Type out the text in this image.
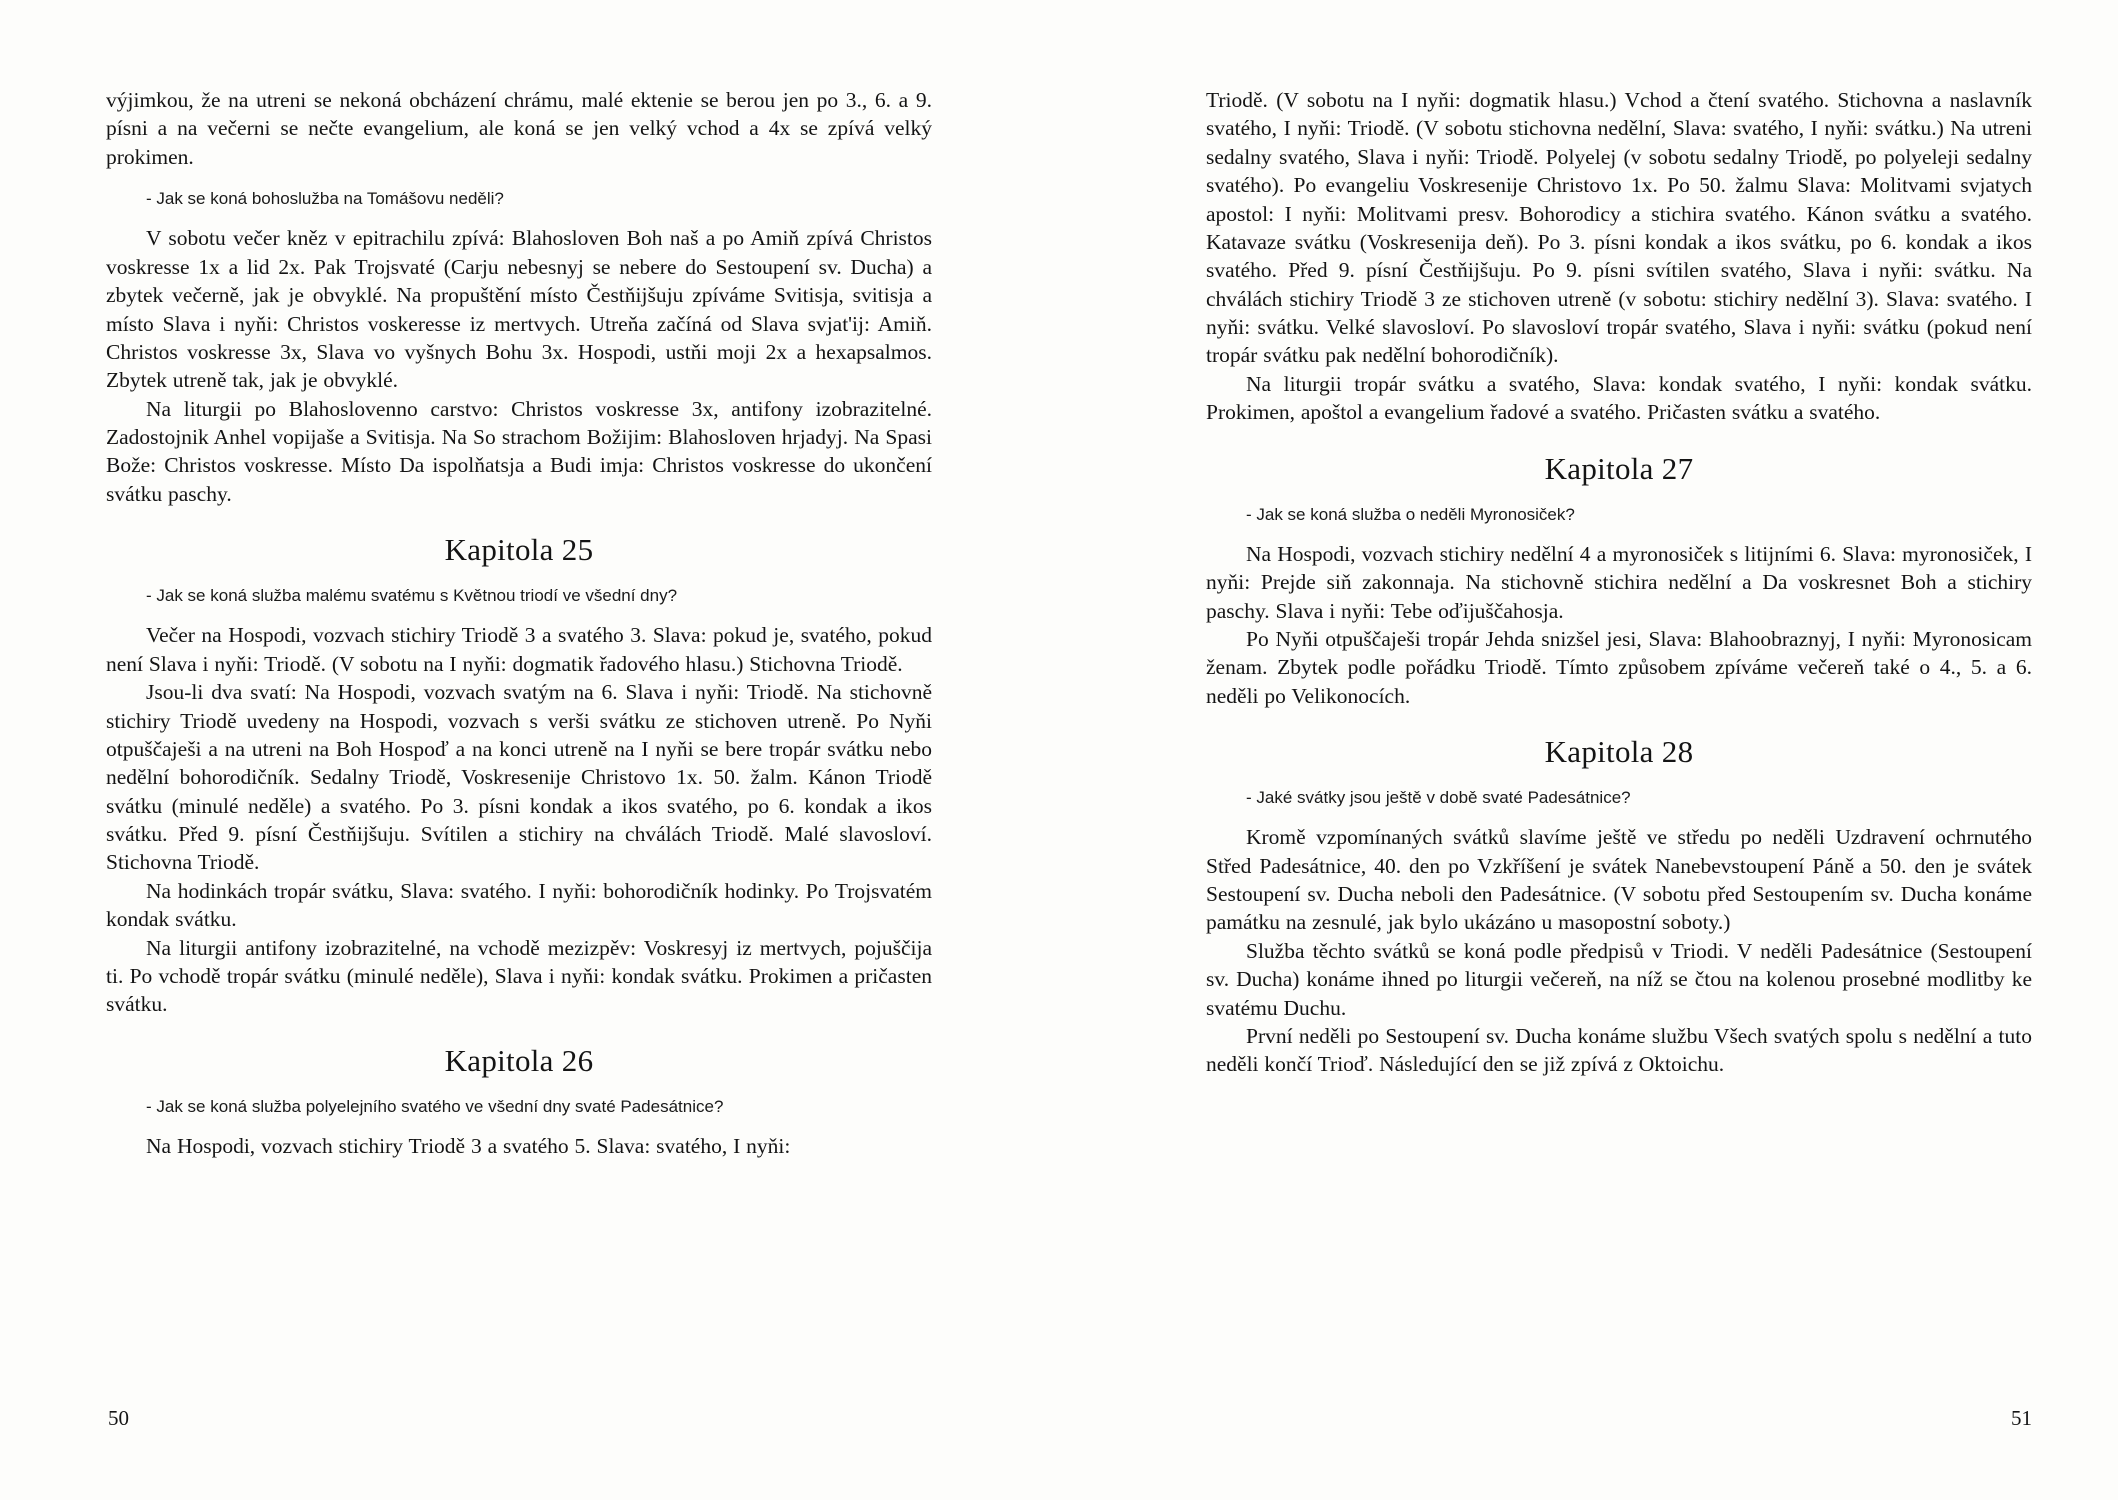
výjimkou, že na utreni se nekoná obcházení chrámu, malé ektenie se berou jen po 3., 6. a 9. písni a na večerni se nečte evangelium, ale koná se jen velký vchod a 4x se zpívá velký prokimen.

- Jak se koná bohoslužba na Tomášovu neděli?

V sobotu večer kněz v epitrachilu zpívá: Blahosloven Boh naš a po Amiň zpívá Christos voskresse 1x a lid 2x. Pak Trojsvaté (Carju nebesnyj se nebere do Sestoupení sv. Ducha) a zbytek večerně, jak je obvyklé. Na propuštění místo Čestňijšuju zpíváme Svitisja, svitisja a místo Slava i nyňi: Christos voskeresse iz mertvych. Utreňa začíná od Slava svjat'ij: Amiň. Christos voskresse 3x, Slava vo vyšnych Bohu 3x. Hospodi, ustňi moji 2x a hexapsalmos. Zbytek utreně tak, jak je obvyklé.

Na liturgii po Blahoslovenno carstvo: Christos voskresse 3x, antifony izobrazitelné. Zadostojnik Anhel vopijaše a Svitisja. Na So strachom Božijim: Blahosloven hrjadyj. Na Spasi Bože: Christos voskresse. Místo Da ispolňatsja a Budi imja: Christos voskresse do ukončení svátku paschy.

Kapitola 25

- Jak se koná služba malému svatému s Květnou triodí ve všední dny?

Večer na Hospodi, vozvach stichiry Triodě 3 a svatého 3. Slava: pokud je, svatého, pokud není Slava i nyňi: Triodě. (V sobotu na I nyňi: dogmatik řadového hlasu.) Stichovna Triodě.

Jsou-li dva svatí: Na Hospodi, vozvach svatým na 6. Slava i nyňi: Triodě. Na stichovně stichiry Triodě uvedeny na Hospodi, vozvach s verši svátku ze stichoven utreně. Po Nyňi otpuščaješi a na utreni na Boh Hospoď a na konci utreně na I nyňi se bere tropár svátku nebo nedělní bohorodičník. Sedalny Triodě, Voskresenije Christovo 1x. 50. žalm. Kánon Triodě svátku (minulé neděle) a svatého. Po 3. písni kondak a ikos svatého, po 6. kondak a ikos svátku. Před 9. písní Čestňijšuju. Svítilen a stichiry na chválách Triodě. Malé slavosloví. Stichovna Triodě.

Na hodinkách tropár svátku, Slava: svatého. I nyňi: bohorodičník hodinky. Po Trojsvatém kondak svátku.

Na liturgii antifony izobrazitelné, na vchodě mezizpěv: Voskresyj iz mertvych, pojuščija ti. Po vchodě tropár svátku (minulé neděle), Slava i nyňi: kondak svátku. Prokimen a pričasten svátku.

Kapitola 26

- Jak se koná služba polyelejního svatého ve všední dny svaté Padesátnice?

Na Hospodi, vozvach stichiry Triodě 3 a svatého 5. Slava: svatého, I nyňi:

Triodě. (V sobotu na I nyňi: dogmatik hlasu.) Vchod a čtení svatého. Stichovna a naslavník svatého, I nyňi: Triodě. (V sobotu stichovna nedělní, Slava: svatého, I nyňi: svátku.) Na utreni sedalny svatého, Slava i nyňi: Triodě. Polyelej (v sobotu sedalny Triodě, po polyeleji sedalny svatého). Po evangeliu Voskresenije Christovo 1x. Po 50. žalmu Slava: Molitvami svjatych apostol: I nyňi: Molitvami presv. Bohorodicy a stichira svatého. Kánon svátku a svatého. Katavaze svátku (Voskresenija deň). Po 3. písni kondak a ikos svátku, po 6. kondak a ikos svatého. Před 9. písní Čestňijšuju. Po 9. písni svítilen svatého, Slava i nyňi: svátku. Na chválách stichiry Triodě 3 ze stichoven utreně (v sobotu: stichiry nedělní 3). Slava: svatého. I nyňi: svátku. Velké slavosloví. Po slavosloví tropár svatého, Slava i nyňi: svátku (pokud není tropár svátku pak nedělní bohorodičník).

Na liturgii tropár svátku a svatého, Slava: kondak svatého, I nyňi: kondak svátku. Prokimen, apoštol a evangelium řadové a svatého. Pričasten svátku a svatého.

Kapitola 27

- Jak se koná služba o neděli Myronosiček?

Na Hospodi, vozvach stichiry nedělní 4 a myronosiček s litijními 6. Slava: myronosiček, I nyňi: Prejde siň zakonnaja. Na stichovně stichira nedělní a Da voskresnet Boh a stichiry paschy. Slava i nyňi: Tebe oďijuščahosja.

Po Nyňi otpuščaješi tropár Jehda snizšel jesi, Slava: Blahoobraznyj, I nyňi: Myronosicam ženam. Zbytek podle pořádku Triodě. Tímto způsobem zpíváme večereň také o 4., 5. a 6. neděli po Velikonocích.

Kapitola 28

- Jaké svátky jsou ještě v době svaté Padesátnice?

Kromě vzpomínaných svátků slavíme ještě ve středu po neděli Uzdravení ochrnutého Střed Padesátnice, 40. den po Vzkříšení je svátek Nanebevstoupení Páně a 50. den je svátek Sestoupení sv. Ducha neboli den Padesátnice. (V sobotu před Sestoupením sv. Ducha konáme památku na zesnulé, jak bylo ukázáno u masopostní soboty.)

Služba těchto svátků se koná podle předpisů v Triodi. V neděli Padesátnice (Sestoupení sv. Ducha) konáme ihned po liturgii večereň, na níž se čtou na kolenou prosebné modlitby ke svatému Duchu.

První neděli po Sestoupení sv. Ducha konáme službu Všech svatých spolu s nedělní a tuto neděli končí Trioď. Následující den se již zpívá z Oktoichu.

50	51
